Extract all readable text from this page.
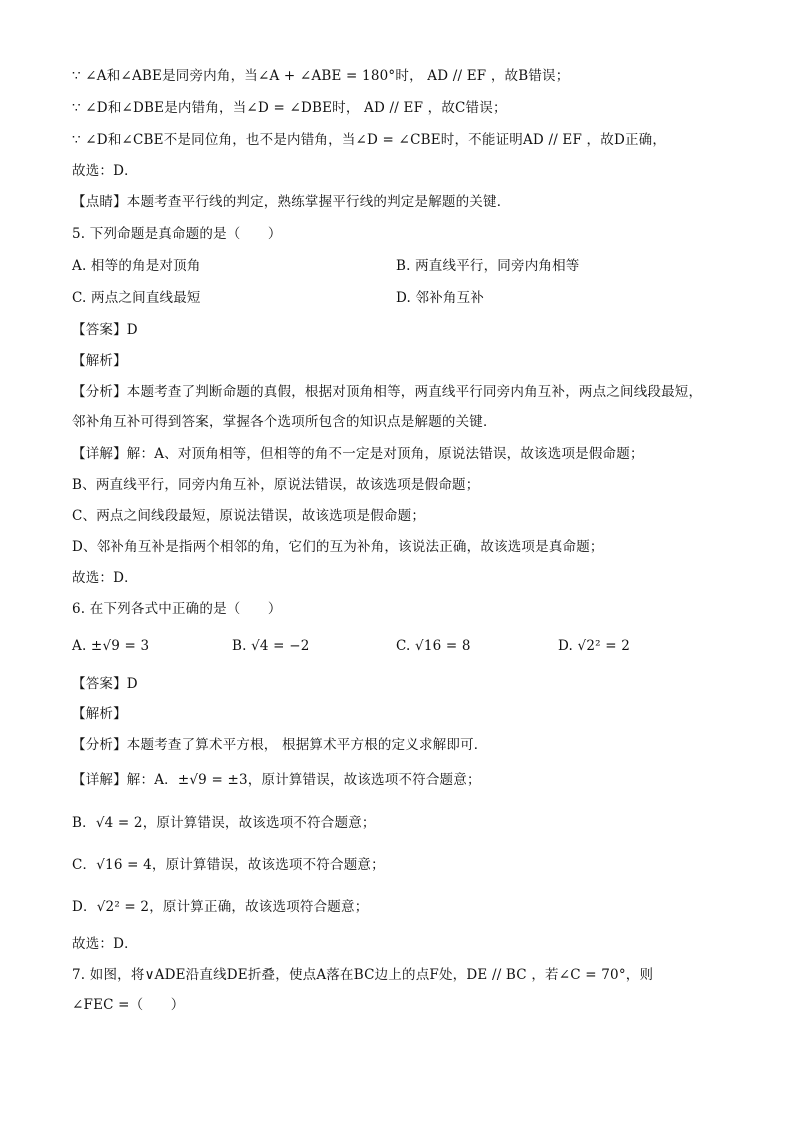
∵ ∠A和∠ABE是同旁内角，当∠A + ∠ABE = 180°时， AD // EF ，故B错误；
∵ ∠D和∠DBE是内错角，当∠D = ∠DBE时， AD // EF ，故C错误；
∵ ∠D和∠CBE不是同位角，也不是内错角，当∠D = ∠CBE时，不能证明AD // EF ，故D正确，
故选：D．
【点睛】本题考查平行线的判定，熟练掌握平行线的判定是解题的关键．
5. 下列命题是真命题的是（　　）
A. 相等的角是对顶角	B. 两直线平行，同旁内角相等
C. 两点之间直线最短	D. 邻补角互补
【答案】D
【解析】
【分析】本题考查了判断命题的真假，根据对顶角相等，两直线平行同旁内角互补，两点之间线段最短，
邻补角互补可得到答案，掌握各个选项所包含的知识点是解题的关键．
【详解】解：A、对顶角相等，但相等的角不一定是对顶角，原说法错误，故该选项是假命题；
B、两直线平行，同旁内角互补，原说法错误，故该选项是假命题；
C、两点之间线段最短，原说法错误，故该选项是假命题；
D、邻补角互补是指两个相邻的角，它们的互为补角，该说法正确，故该选项是真命题；
故选：D．
6. 在下列各式中正确的是（　　）
A. ±√9 = 3	B. √4 = −2	C. √16 = 8	D. √2² = 2
【答案】D
【解析】
【分析】本题考查了算术平方根， 根据算术平方根的定义求解即可．
【详解】解：A．±√9 = ±3，原计算错误，故该选项不符合题意；
B．√4 = 2，原计算错误，故该选项不符合题意；
C．√16 = 4，原计算错误，故该选项不符合题意；
D．√2² = 2，原计算正确，故该选项符合题意；
故选：D．
7. 如图，将∨ADE沿直线DE折叠，使点A落在BC边上的点F处，DE // BC ，若∠C = 70°，则
∠FEC =（　　）
